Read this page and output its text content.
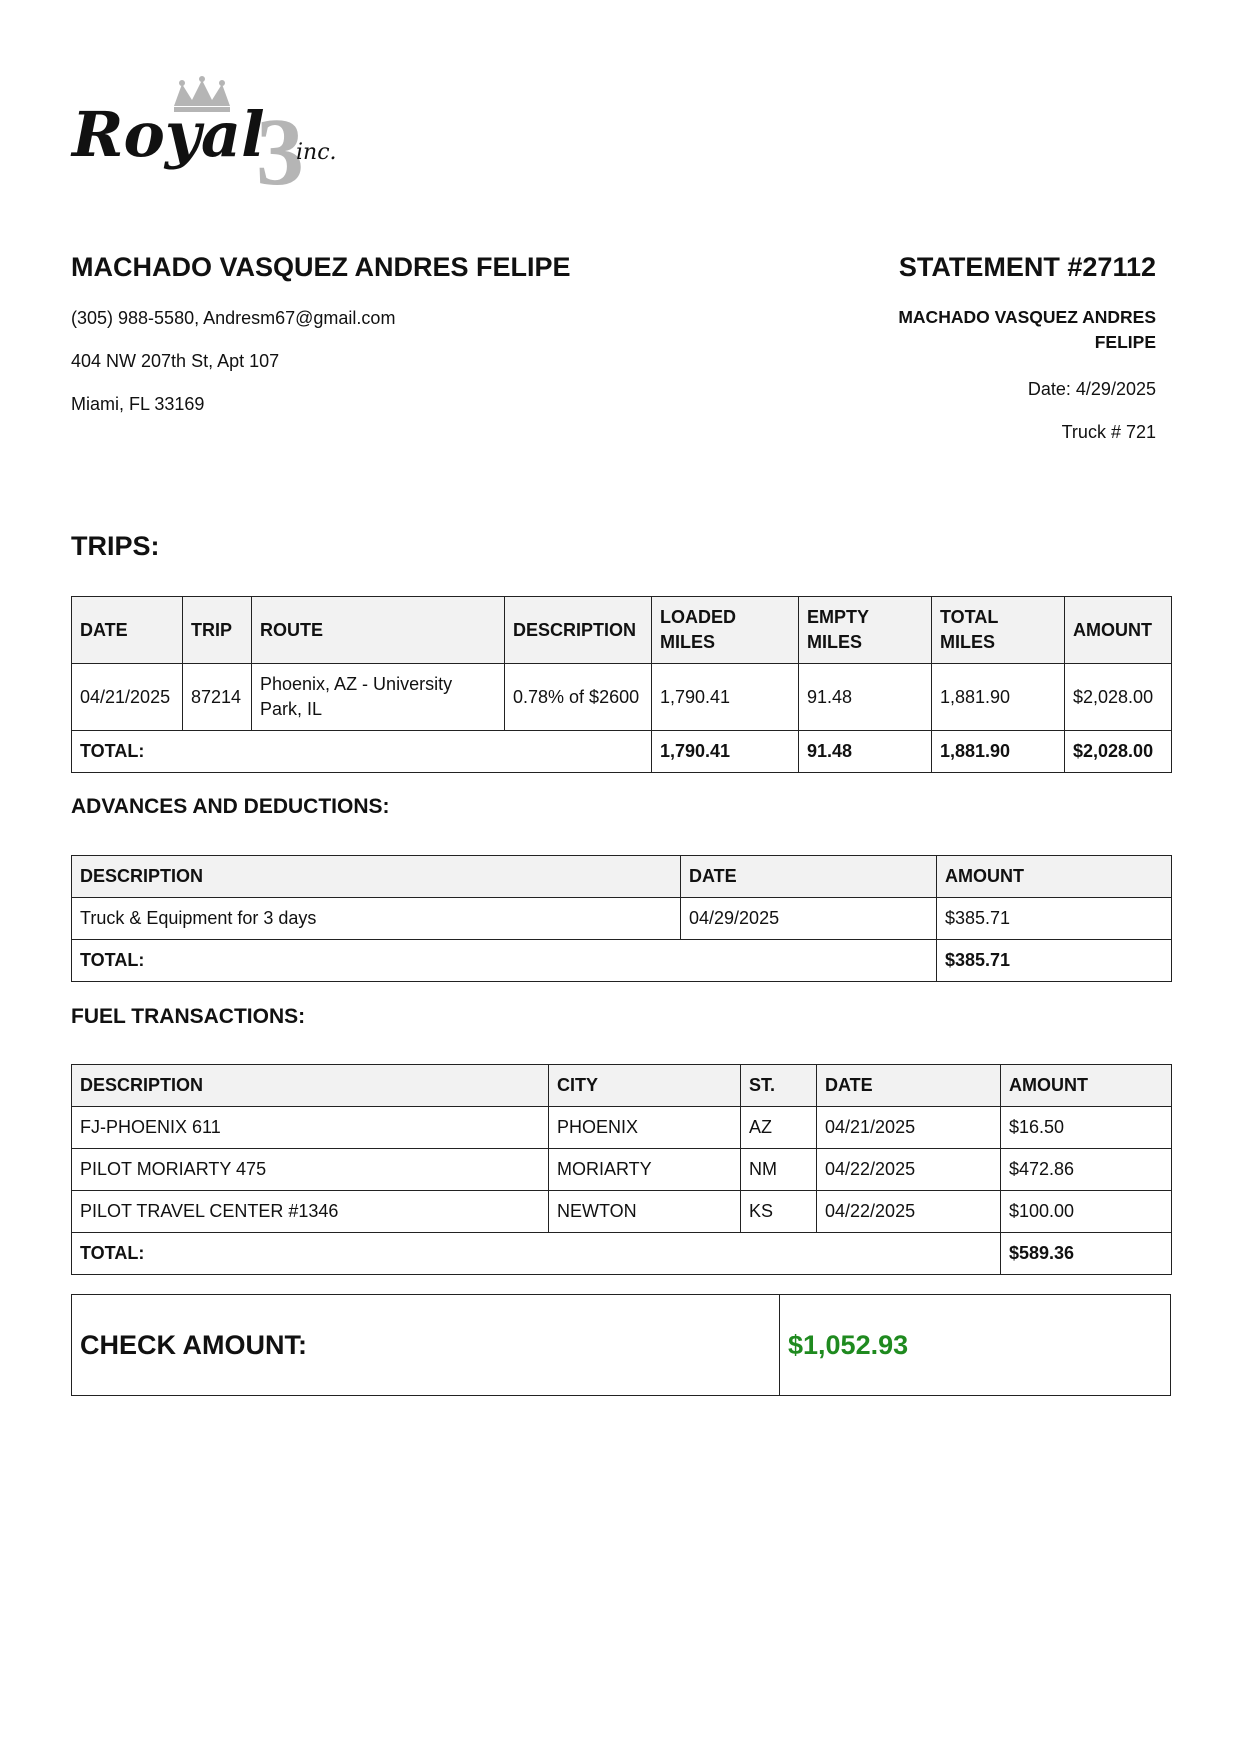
3
Royal inc.

MACHADO VASQUEZ ANDRES FELIPE

(305) 988-5580, Andresm67@gmail.com

404 NW 207th St, Apt 107

Miami, FL 33169

STATEMENT #27112

MACHADO VASQUEZ ANDRES FELIPE

Date: 4/29/2025

Truck # 721

TRIPS:

DATE	TRIP	ROUTE	DESCRIPTION	LOADED MILES	EMPTY MILES	TOTAL MILES	AMOUNT
04/21/2025	87214	Phoenix, AZ - University Park, IL	0.78% of $2600	1,790.41	91.48	1,881.90	$2,028.00
TOTAL:				1,790.41	91.48	1,881.90	$2,028.00

ADVANCES AND DEDUCTIONS:

DESCRIPTION	DATE	AMOUNT
Truck & Equipment for 3 days	04/29/2025	$385.71
TOTAL:		$385.71

FUEL TRANSACTIONS:

DESCRIPTION	CITY	ST.	DATE	AMOUNT
FJ-PHOENIX 611	PHOENIX	AZ	04/21/2025	$16.50
PILOT MORIARTY 475	MORIARTY	NM	04/22/2025	$472.86
PILOT TRAVEL CENTER #1346	NEWTON	KS	04/22/2025	$100.00
TOTAL:				$589.36
CHECK AMOUNT:	$1,052.93
